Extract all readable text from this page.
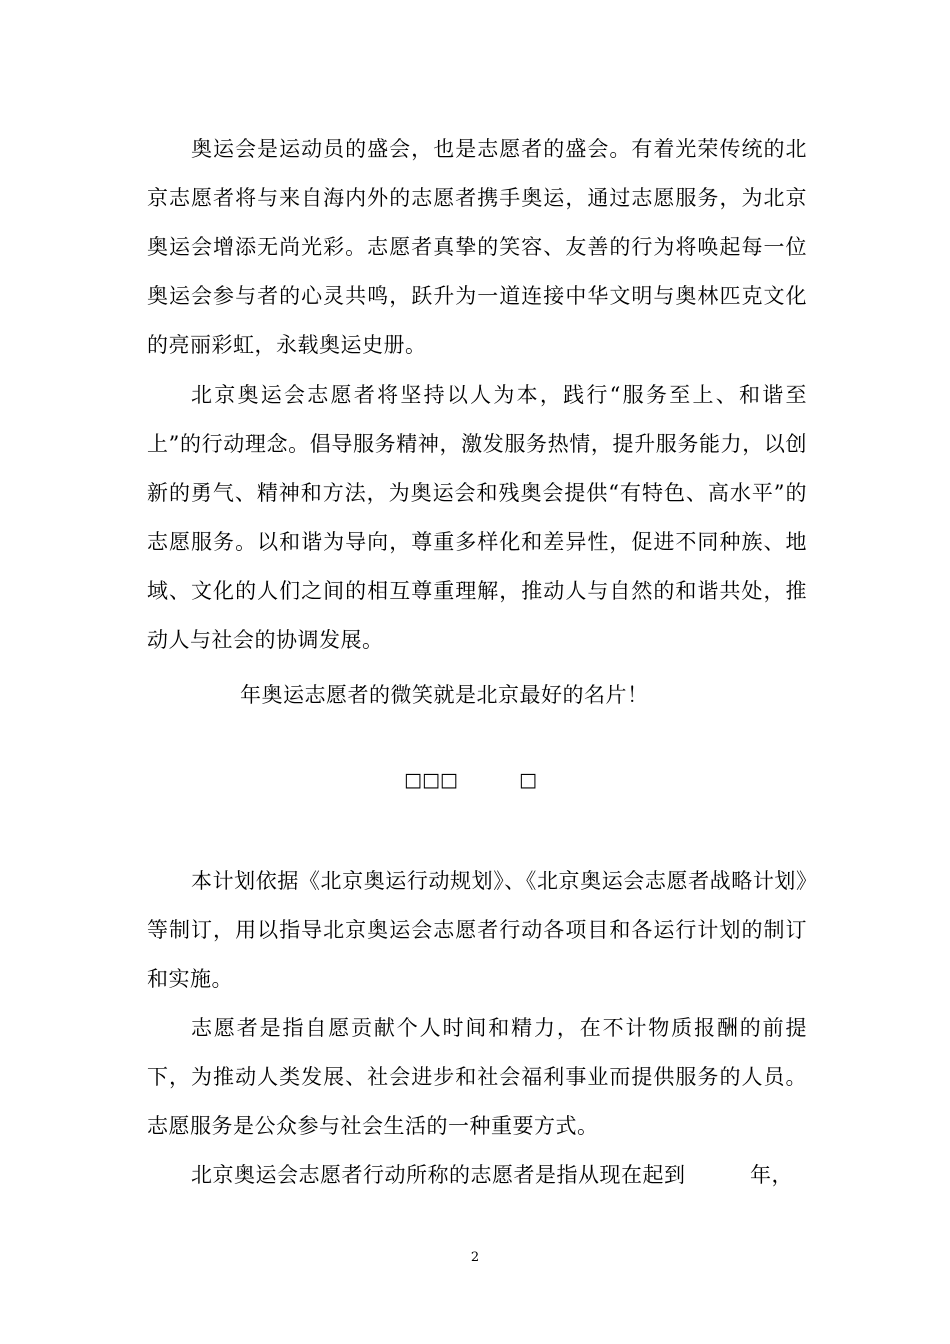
奥运会是运动员的盛会，也是志愿者的盛会。有着光荣传统的北京志愿者将与来自海内外的志愿者携手奥运，通过志愿服务，为北京奥运会增添无尚光彩。志愿者真挚的笑容、友善的行为将唤起每一位奥运会参与者的心灵共鸣，跃升为一道连接中华文明与奥林匹克文化的亮丽彩虹，永载奥运史册。

北京奥运会志愿者将坚持以人为本，践行“服务至上、和谐至上”的行动理念。倡导服务精神，激发服务热情，提升服务能力，以创新的勇气、精神和方法，为奥运会和残奥会提供“有特色、高水平”的志愿服务。以和谐为导向，尊重多样化和差异性，促进不同种族、地域、文化的人们之间的相互尊重理解，推动人与自然的和谐共处，推动人与社会的协调发展。

年奥运志愿者的微笑就是北京最好的名片！

□□□	□

本计划依据《北京奥运行动规划》、《北京奥运会志愿者战略计划》等制订，用以指导北京奥运会志愿者行动各项目和各运行计划的制订和实施。

志愿者是指自愿贡献个人时间和精力，在不计物质报酬的前提下，为推动人类发展、社会进步和社会福利事业而提供服务的人员。志愿服务是公众参与社会生活的一种重要方式。

北京奥运会志愿者行动所称的志愿者是指从现在起到　　　年，

2
